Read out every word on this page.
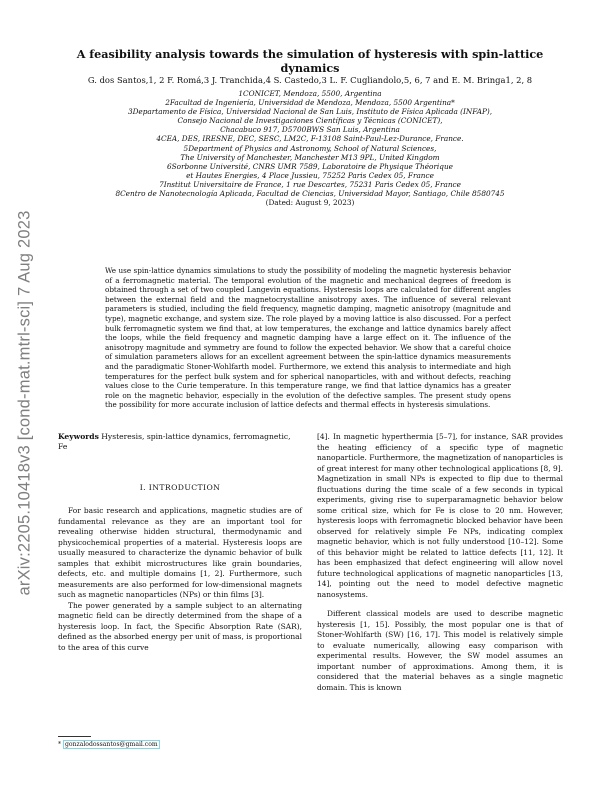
arXiv:2205.10418v3 [cond-mat.mtrl-sci] 7 Aug 2023
A feasibility analysis towards the simulation of hysteresis with spin-lattice dynamics
G. dos Santos,1, 2 F. Romá,3 J. Tranchida,4 S. Castedo,3 L. F. Cugliandolo,5, 6, 7 and E. M. Bringa1, 2, 8
1CONICET, Mendoza, 5500, Argentina
2Facultad de Ingeniería, Universidad de Mendoza, Mendoza, 5500 Argentina*
3Departamento de Física, Universidad Nacional de San Luis, Instituto de Física Aplicada (INFAP),
Consejo Nacional de Investigaciones Científicas y Técnicas (CONICET),
Chacabuco 917, D5700BWS San Luis, Argentina
4CEA, DES, IRESNE, DEC, SESC, LM2C, F-13108 Saint-Paul-Lez-Durance, France.
5Department of Physics and Astronomy, School of Natural Sciences,
The University of Manchester, Manchester M13 9PL, United Kingdom
6Sorbonne Université, CNRS UMR 7589, Laboratoire de Physique Théorique
et Hautes Energies, 4 Place Jussieu, 75252 Paris Cedex 05, France
7Institut Universitaire de France, 1 rue Descartes, 75231 Paris Cedex 05, France
8Centro de Nanotecnología Aplicada, Facultad de Ciencias, Universidad Mayor, Santiago, Chile 8580745
(Dated: August 9, 2023)
We use spin-lattice dynamics simulations to study the possibility of modeling the magnetic hysteresis behavior of a ferromagnetic material. The temporal evolution of the magnetic and mechanical degrees of freedom is obtained through a set of two coupled Langevin equations. Hysteresis loops are calculated for different angles between the external field and the magnetocrystalline anisotropy axes. The influence of several relevant parameters is studied, including the field frequency, magnetic damping, magnetic anisotropy (magnitude and type), magnetic exchange, and system size. The role played by a moving lattice is also discussed. For a perfect bulk ferromagnetic system we find that, at low temperatures, the exchange and lattice dynamics barely affect the loops, while the field frequency and magnetic damping have a large effect on it. The influence of the anisotropy magnitude and symmetry are found to follow the expected behavior. We show that a careful choice of simulation parameters allows for an excellent agreement between the spin-lattice dynamics measurements and the paradigmatic Stoner-Wohlfarth model. Furthermore, we extend this analysis to intermediate and high temperatures for the perfect bulk system and for spherical nanoparticles, with and without defects, reaching values close to the Curie temperature. In this temperature range, we find that lattice dynamics has a greater role on the magnetic behavior, especially in the evolution of the defective samples. The present study opens the possibility for more accurate inclusion of lattice defects and thermal effects in hysteresis simulations.
Keywords Hysteresis, spin-lattice dynamics, ferromagnetic, Fe
I. INTRODUCTION

For basic research and applications, magnetic studies are of fundamental relevance as they are an important tool for revealing otherwise hidden structural, thermodynamic and physicochemical properties of a material. Hysteresis loops are usually measured to characterize the dynamic behavior of bulk samples that exhibit microstructures like grain boundaries, defects, etc. and multiple domains [1, 2]. Furthermore, such measurements are also performed for low-dimensional magnets such as magnetic nanoparticles (NPs) or thin films [3].

The power generated by a sample subject to an alternating magnetic field can be directly determined from the shape of a hysteresis loop. In fact, the Specific Absorption Rate (SAR), defined as the absorbed energy per unit of mass, is proportional to the area of this curve

[4]. In magnetic hyperthermia [5–7], for instance, SAR provides the heating efficiency of a specific type of magnetic nanoparticle. Furthermore, the magnetization of nanoparticles is of great interest for many other technological applications [8, 9]. Magnetization in small NPs is expected to flip due to thermal fluctuations during the time scale of a few seconds in typical experiments, giving rise to superparamagnetic behavior below some critical size, which for Fe is close to 20 nm. However, hysteresis loops with ferromagnetic blocked behavior have been observed for relatively simple Fe NPs, indicating complex magnetic behavior, which is not fully understood [10–12]. Some of this behavior might be related to lattice defects [11, 12]. It has been emphasized that defect engineering will allow novel future technological applications of magnetic nanoparticles [13, 14], pointing out the need to model defective magnetic nanosystems.

Different classical models are used to describe magnetic hysteresis [1, 15]. Possibly, the most popular one is that of Stoner-Wohlfarth (SW) [16, 17]. This model is relatively simple to evaluate numerically, allowing easy comparison with experimental results. However, the SW model assumes an important number of approximations. Among them, it is considered that the material behaves as a single magnetic domain. This is known

* gonzalodossantos@gmail.com
